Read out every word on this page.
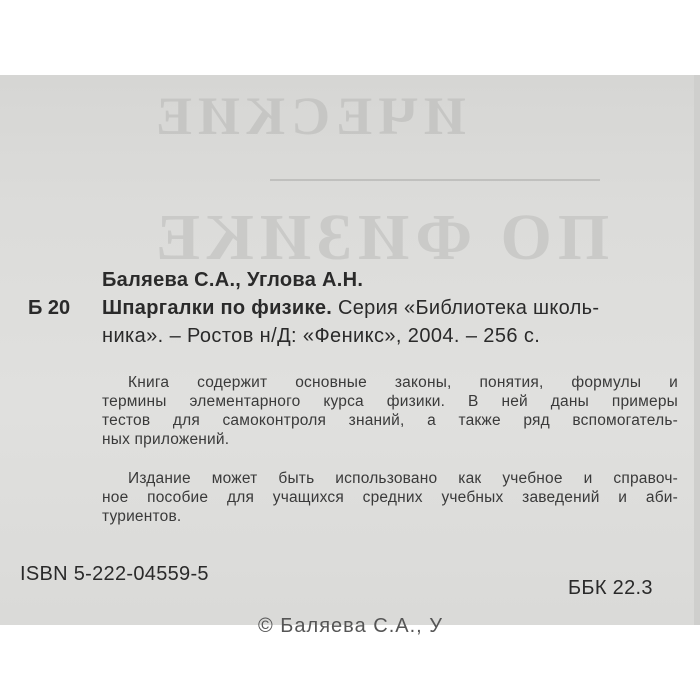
ИЧЕСКИЕ
ПО ФИЗИКЕ
Баляева С.А., Углова А.Н.
Б 20 Шпаргалки по физике. Серия «Библиотека школь-
ника». – Ростов н/Д: «Феникс», 2004. – 256 с.
Книга содержит основные законы, понятия, формулы и
термины элементарного курса физики. В ней даны примеры
тестов для самоконтроля знаний, а также ряд вспомогатель-
ных приложений.
Издание может быть использовано как учебное и справоч-
ное пособие для учащихся средних учебных заведений и аби-
туриентов.
ISBN 5-222-04559-5
ББК 22.3
© Баляева С.А., У
